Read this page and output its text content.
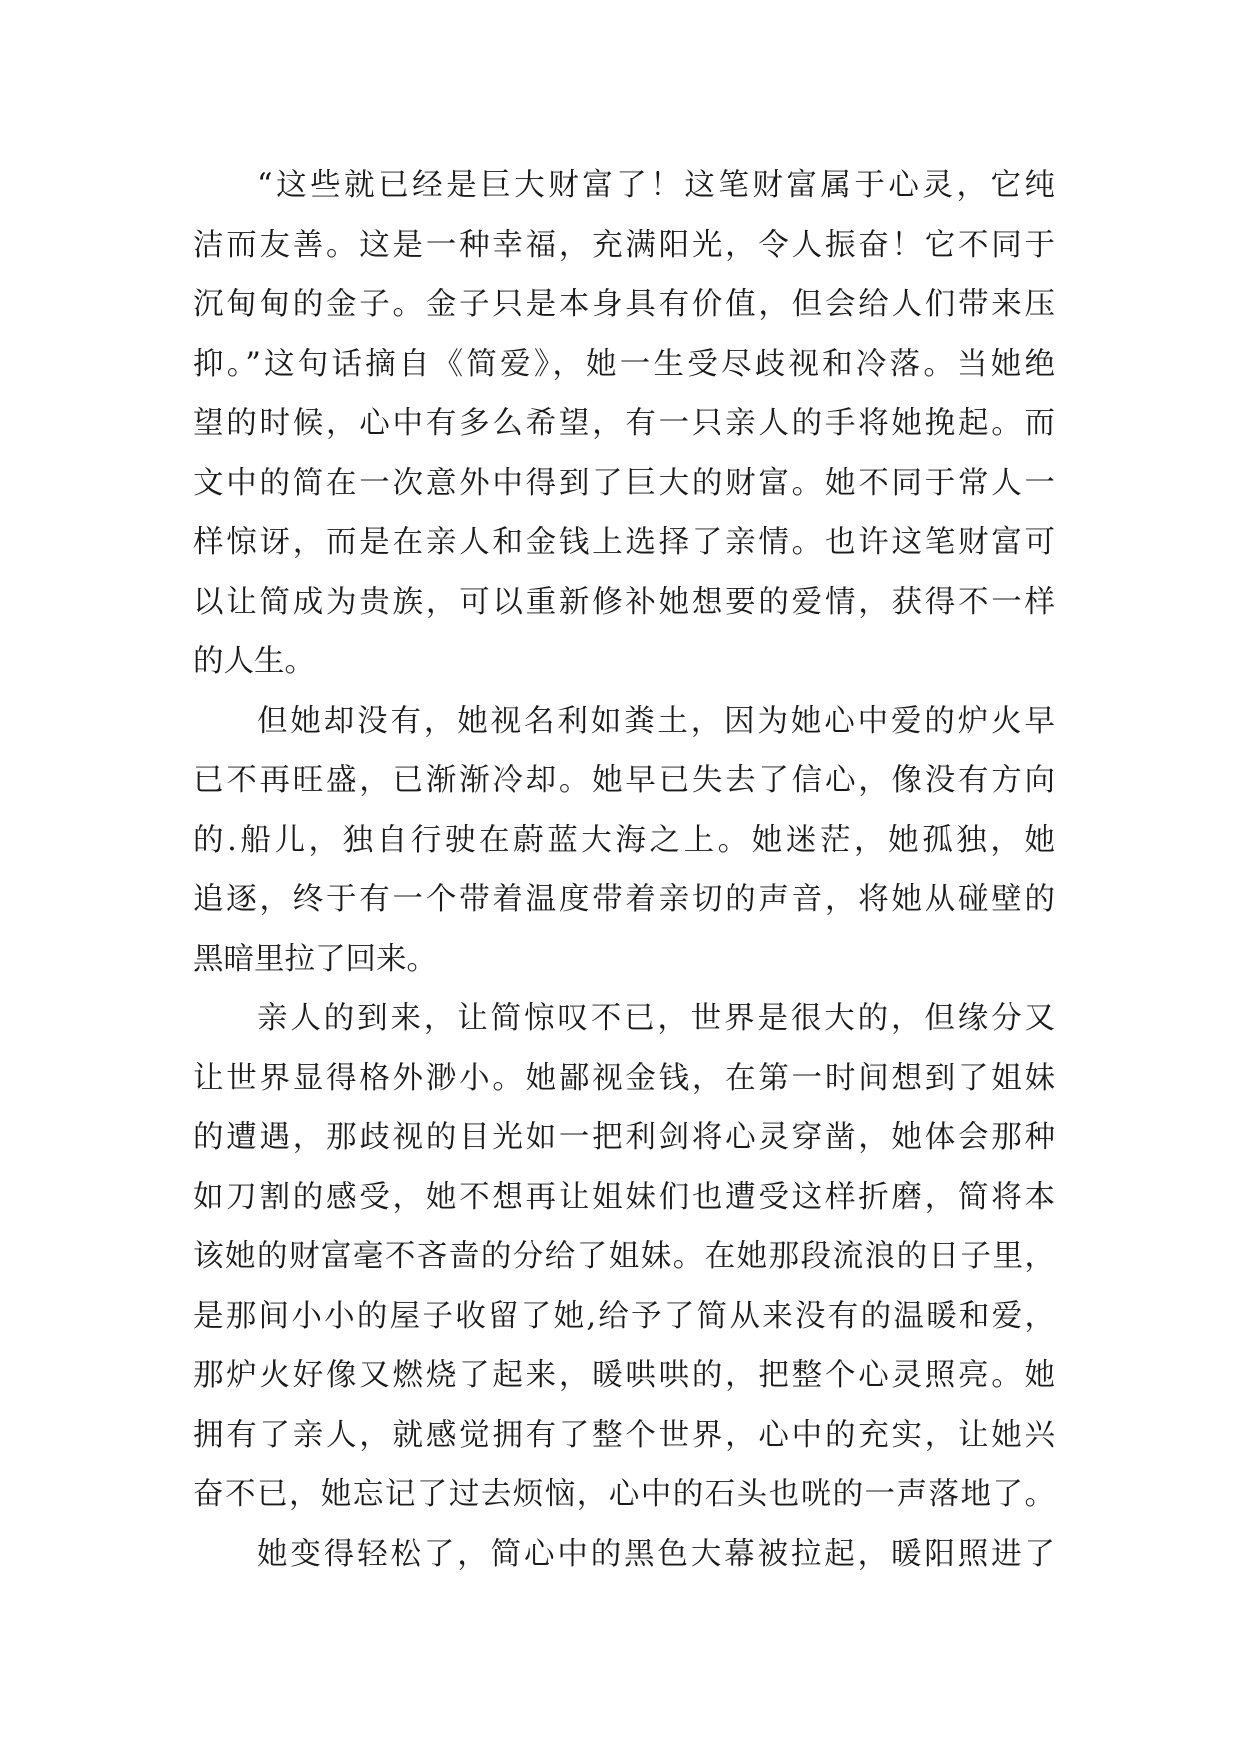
“这些就已经是巨大财富了！这笔财富属于心灵，它纯
洁而友善。这是一种幸福，充满阳光，令人振奋！它不同于
沉甸甸的金子。金子只是本身具有价值，但会给人们带来压
抑。”这句话摘自《简爱》，她一生受尽歧视和冷落。当她绝
望的时候，心中有多么希望，有一只亲人的手将她挽起。而
文中的简在一次意外中得到了巨大的财富。她不同于常人一
样惊讶，而是在亲人和金钱上选择了亲情。也许这笔财富可
以让简成为贵族，可以重新修补她想要的爱情，获得不一样
的人生。
但她却没有，她视名利如粪土，因为她心中爱的炉火早
已不再旺盛，已渐渐冷却。她早已失去了信心，像没有方向
的.船儿，独自行驶在蔚蓝大海之上。她迷茫，她孤独，她
追逐，终于有一个带着温度带着亲切的声音，将她从碰壁的
黑暗里拉了回来。
亲人的到来，让简惊叹不已，世界是很大的，但缘分又
让世界显得格外渺小。她鄙视金钱，在第一时间想到了姐妹
的遭遇，那歧视的目光如一把利剑将心灵穿凿，她体会那种
如刀割的感受，她不想再让姐妹们也遭受这样折磨，简将本
该她的财富毫不吝啬的分给了姐妹。在她那段流浪的日子里，
是那间小小的屋子收留了她,给予了简从来没有的温暖和爱，
那炉火好像又燃烧了起来，暖哄哄的，把整个心灵照亮。她
拥有了亲人，就感觉拥有了整个世界，心中的充实，让她兴
奋不已，她忘记了过去烦恼，心中的石头也咣的一声落地了。
她变得轻松了，简心中的黑色大幕被拉起，暖阳照进了
